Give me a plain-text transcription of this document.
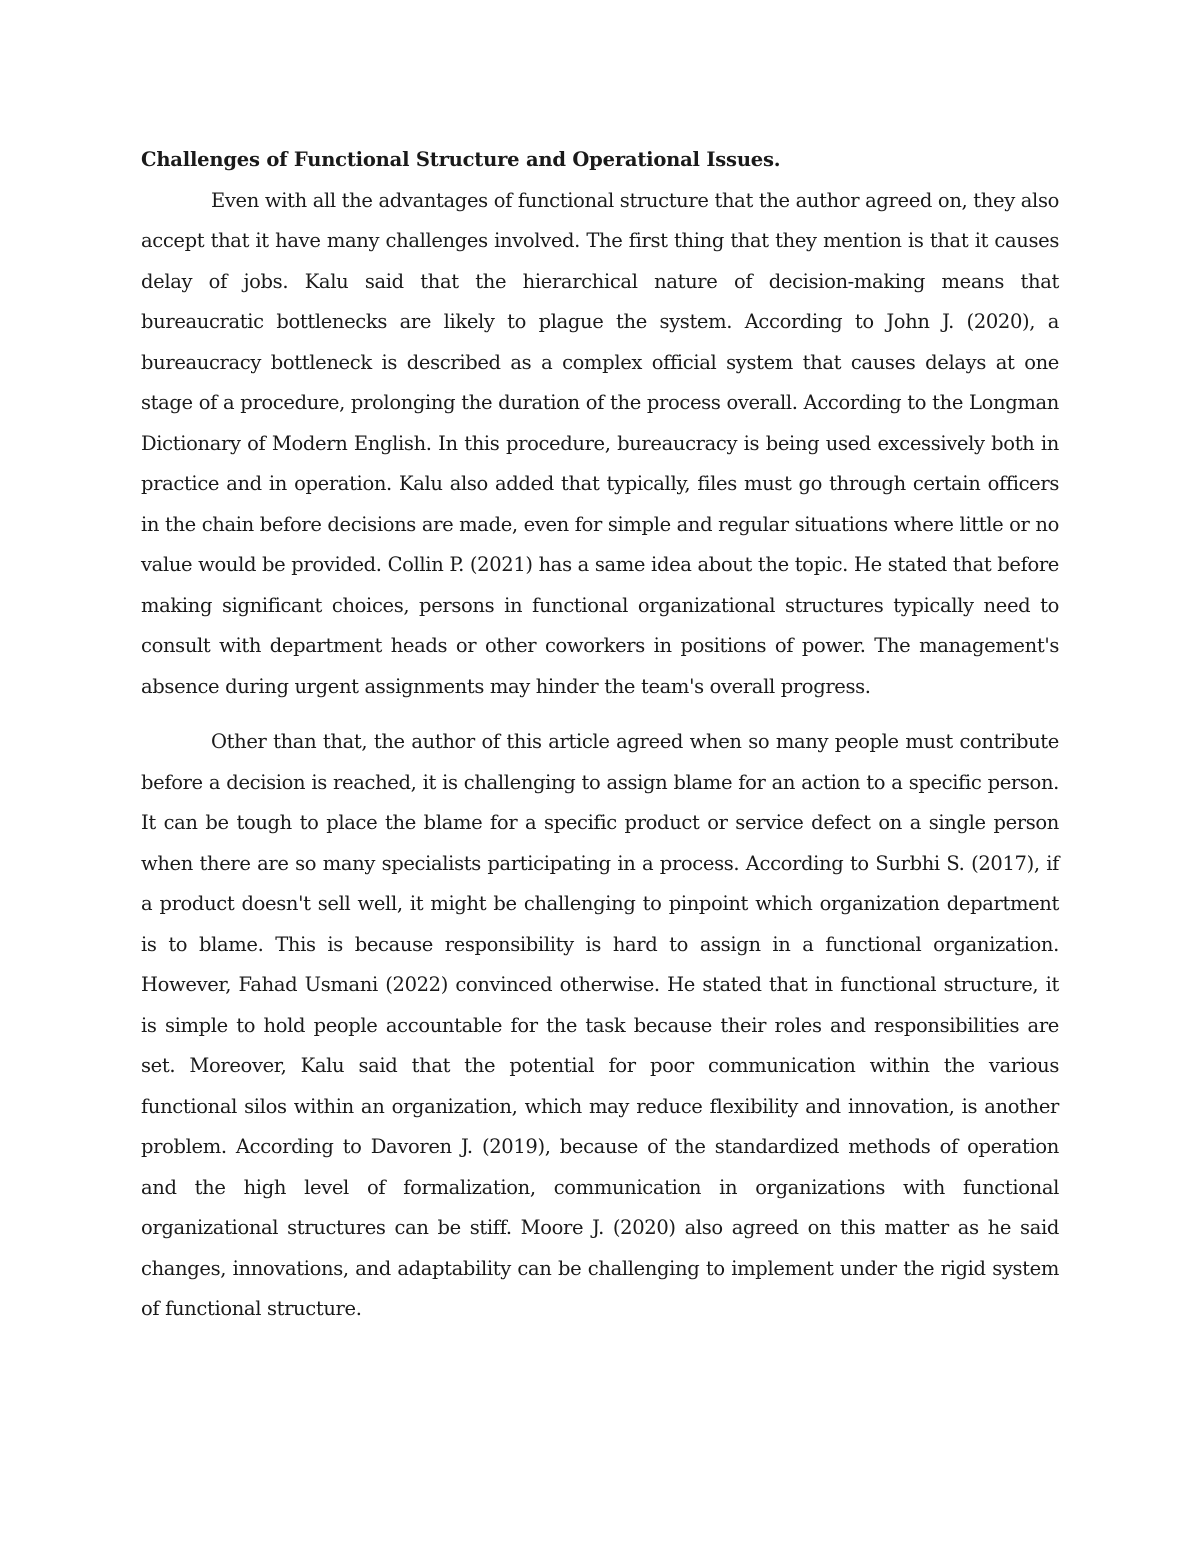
Challenges of Functional Structure and Operational Issues.

Even with all the advantages of functional structure that the author agreed on, they also accept that it have many challenges involved. The first thing that they mention is that it causes delay of jobs. Kalu said that the hierarchical nature of decision-making means that bureaucratic bottlenecks are likely to plague the system. According to John J. (2020), a bureaucracy bottleneck is described as a complex official system that causes delays at one stage of a procedure, prolonging the duration of the process overall. According to the Longman Dictionary of Modern English. In this procedure, bureaucracy is being used excessively both in practice and in operation. Kalu also added that typically, files must go through certain officers in the chain before decisions are made, even for simple and regular situations where little or no value would be provided. Collin P. (2021) has a same idea about the topic. He stated that before making significant choices, persons in functional organizational structures typically need to consult with department heads or other coworkers in positions of power. The management's absence during urgent assignments may hinder the team's overall progress.

Other than that, the author of this article agreed when so many people must contribute before a decision is reached, it is challenging to assign blame for an action to a specific person. It can be tough to place the blame for a specific product or service defect on a single person when there are so many specialists participating in a process. According to Surbhi S. (2017), if a product doesn't sell well, it might be challenging to pinpoint which organization department is to blame. This is because responsibility is hard to assign in a functional organization. However, Fahad Usmani (2022) convinced otherwise. He stated that in functional structure, it is simple to hold people accountable for the task because their roles and responsibilities are set. Moreover, Kalu said that the potential for poor communication within the various functional silos within an organization, which may reduce flexibility and innovation, is another problem. According to Davoren J. (2019), because of the standardized methods of operation and the high level of formalization, communication in organizations with functional organizational structures can be stiff. Moore J. (2020) also agreed on this matter as he said changes, innovations, and adaptability can be challenging to implement under the rigid system of functional structure.
